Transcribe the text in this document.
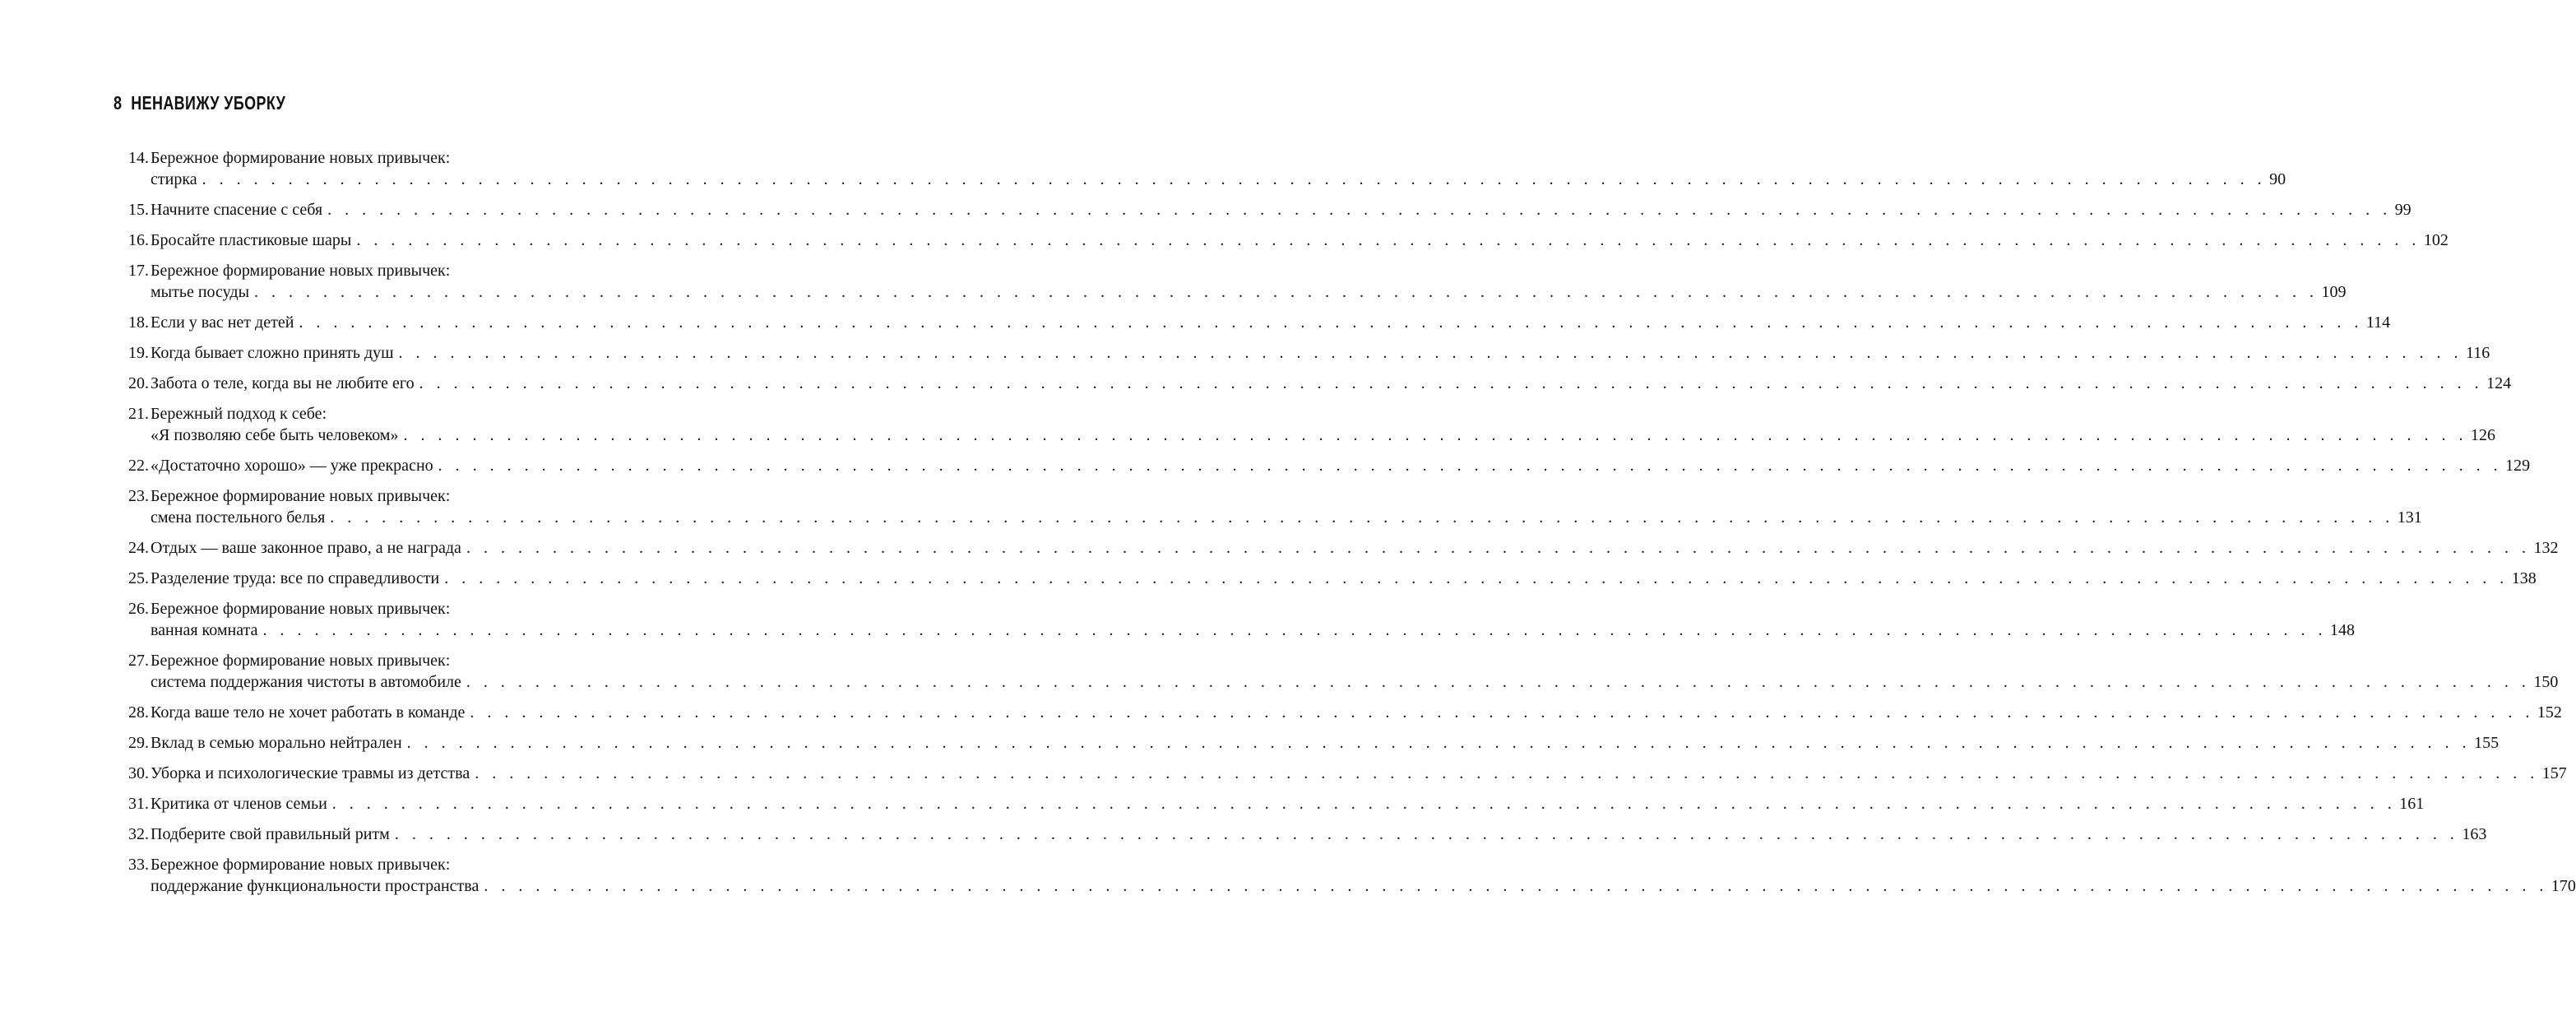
8 НЕНАВИЖУ УБОРКУ
14. Бережное формирование новых привычек:
стирка . . . . . . . . . . . . . . . . . . . . . . . . . . . . . . . . . . . . . . . . . . . . . . . . . . . . . . . . . . . . . . . . . . . . . . . . . . . . . . . . . . . . . . . . . . . . . . . . . . . . . . . . . . . . . . . . . . . . . . . . 90
15. Начните спасение с себя . . . . . . . . . . . . . . . . . . . . . . . . . . . . . . . . . . . . . . . . . . . . . . . . . . . . . . . . . . . . . . . . . . . . . . . . . . . . . . . . . . . . . . . . . . . . . . . . . . . . . . . . . . . . . . . . . . . . . . . . 99
16. Бросайте пластиковые шары . . . . . . . . . . . . . . . . . . . . . . . . . . . . . . . . . . . . . . . . . . . . . . . . . . . . . . . . . . . . . . . . . . . . . . . . . . . . . . . . . . . . . . . . . . . . . . . . . . . . . . . . . . . . . . . . . . . . . . . . 102
17. Бережное формирование новых привычек:
мытье посуды . . . . . . . . . . . . . . . . . . . . . . . . . . . . . . . . . . . . . . . . . . . . . . . . . . . . . . . . . . . . . . . . . . . . . . . . . . . . . . . . . . . . . . . . . . . . . . . . . . . . . . . . . . . . . . . . . . . . . . . . 109
18. Если у вас нет детей . . . . . . . . . . . . . . . . . . . . . . . . . . . . . . . . . . . . . . . . . . . . . . . . . . . . . . . . . . . . . . . . . . . . . . . . . . . . . . . . . . . . . . . . . . . . . . . . . . . . . . . . . . . . . . . . . . . . . . . . 114
19. Когда бывает сложно принять душ . . . . . . . . . . . . . . . . . . . . . . . . . . . . . . . . . . . . . . . . . . . . . . . . . . . . . . . . . . . . . . . . . . . . . . . . . . . . . . . . . . . . . . . . . . . . . . . . . . . . . . . . . . . . . . . . . . . . . . . . 116
20. Забота о теле, когда вы не любите его . . . . . . . . . . . . . . . . . . . . . . . . . . . . . . . . . . . . . . . . . . . . . . . . . . . . . . . . . . . . . . . . . . . . . . . . . . . . . . . . . . . . . . . . . . . . . . . . . . . . . . . . . . . . . . . . . . . . . . . . 124
21. Бережный подход к себе:
«Я позволяю себе быть человеком» . . . . . . . . . . . . . . . . . . . . . . . . . . . . . . . . . . . . . . . . . . . . . . . . . . . . . . . . . . . . . . . . . . . . . . . . . . . . . . . . . . . . . . . . . . . . . . . . . . . . . . . . . . . . . . . . . . . . . . . . 126
22. «Достаточно хорошо» — уже прекрасно . . . . . . . . . . . . . . . . . . . . . . . . . . . . . . . . . . . . . . . . . . . . . . . . . . . . . . . . . . . . . . . . . . . . . . . . . . . . . . . . . . . . . . . . . . . . . . . . . . . . . . . . . . . . . . . . . . . . . . . . 129
23. Бережное формирование новых привычек:
смена постельного белья . . . . . . . . . . . . . . . . . . . . . . . . . . . . . . . . . . . . . . . . . . . . . . . . . . . . . . . . . . . . . . . . . . . . . . . . . . . . . . . . . . . . . . . . . . . . . . . . . . . . . . . . . . . . . . . . . . . . . . . . 131
24. Отдых — ваше законное право, а не награда . . . . . . . . . . . . . . . . . . . . . . . . . . . . . . . . . . . . . . . . . . . . . . . . . . . . . . . . . . . . . . . . . . . . . . . . . . . . . . . . . . . . . . . . . . . . . . . . . . . . . . . . . . . . . . . . . . . . . . . . 132
25. Разделение труда: все по справедливости . . . . . . . . . . . . . . . . . . . . . . . . . . . . . . . . . . . . . . . . . . . . . . . . . . . . . . . . . . . . . . . . . . . . . . . . . . . . . . . . . . . . . . . . . . . . . . . . . . . . . . . . . . . . . . . . . . . . . . . . 138
26. Бережное формирование новых привычек:
ванная комната . . . . . . . . . . . . . . . . . . . . . . . . . . . . . . . . . . . . . . . . . . . . . . . . . . . . . . . . . . . . . . . . . . . . . . . . . . . . . . . . . . . . . . . . . . . . . . . . . . . . . . . . . . . . . . . . . . . . . . . . 148
27. Бережное формирование новых привычек:
система поддержания чистоты в автомобиле . . . . . . . . . . . . . . . . . . . . . . . . . . . . . . . . . . . . . . . . . . . . . . . . . . . . . . . . . . . . . . . . . . . . . . . . . . . . . . . . . . . . . . . . . . . . . . . . . . . . . . . . . . . . . . . . . . . . . . . . 150
28. Когда ваше тело не хочет работать в команде . . . . . . . . . . . . . . . . . . . . . . . . . . . . . . . . . . . . . . . . . . . . . . . . . . . . . . . . . . . . . . . . . . . . . . . . . . . . . . . . . . . . . . . . . . . . . . . . . . . . . . . . . . . . . . . . . . . . . . . . 152
29. Вклад в семью морально нейтрален . . . . . . . . . . . . . . . . . . . . . . . . . . . . . . . . . . . . . . . . . . . . . . . . . . . . . . . . . . . . . . . . . . . . . . . . . . . . . . . . . . . . . . . . . . . . . . . . . . . . . . . . . . . . . . . . . . . . . . . . 155
30. Уборка и психологические травмы из детства . . . . . . . . . . . . . . . . . . . . . . . . . . . . . . . . . . . . . . . . . . . . . . . . . . . . . . . . . . . . . . . . . . . . . . . . . . . . . . . . . . . . . . . . . . . . . . . . . . . . . . . . . . . . . . . . . . . . . . . . 157
31. Критика от членов семьи . . . . . . . . . . . . . . . . . . . . . . . . . . . . . . . . . . . . . . . . . . . . . . . . . . . . . . . . . . . . . . . . . . . . . . . . . . . . . . . . . . . . . . . . . . . . . . . . . . . . . . . . . . . . . . . . . . . . . . . . 161
32. Подберите свой правильный ритм . . . . . . . . . . . . . . . . . . . . . . . . . . . . . . . . . . . . . . . . . . . . . . . . . . . . . . . . . . . . . . . . . . . . . . . . . . . . . . . . . . . . . . . . . . . . . . . . . . . . . . . . . . . . . . . . . . . . . . . . 163
33. Бережное формирование новых привычек:
поддержание функциональности пространства . . . . . . . . . . . . . . . . . . . . . . . . . . . . . . . . . . . . . . . . . . . . . . . . . . . . . . . . . . . . . . . . . . . . . . . . . . . . . . . . . . . . . . . . . . . . . . . . . . . . . . . . . . . . . . . . . . . . . . . . 170
